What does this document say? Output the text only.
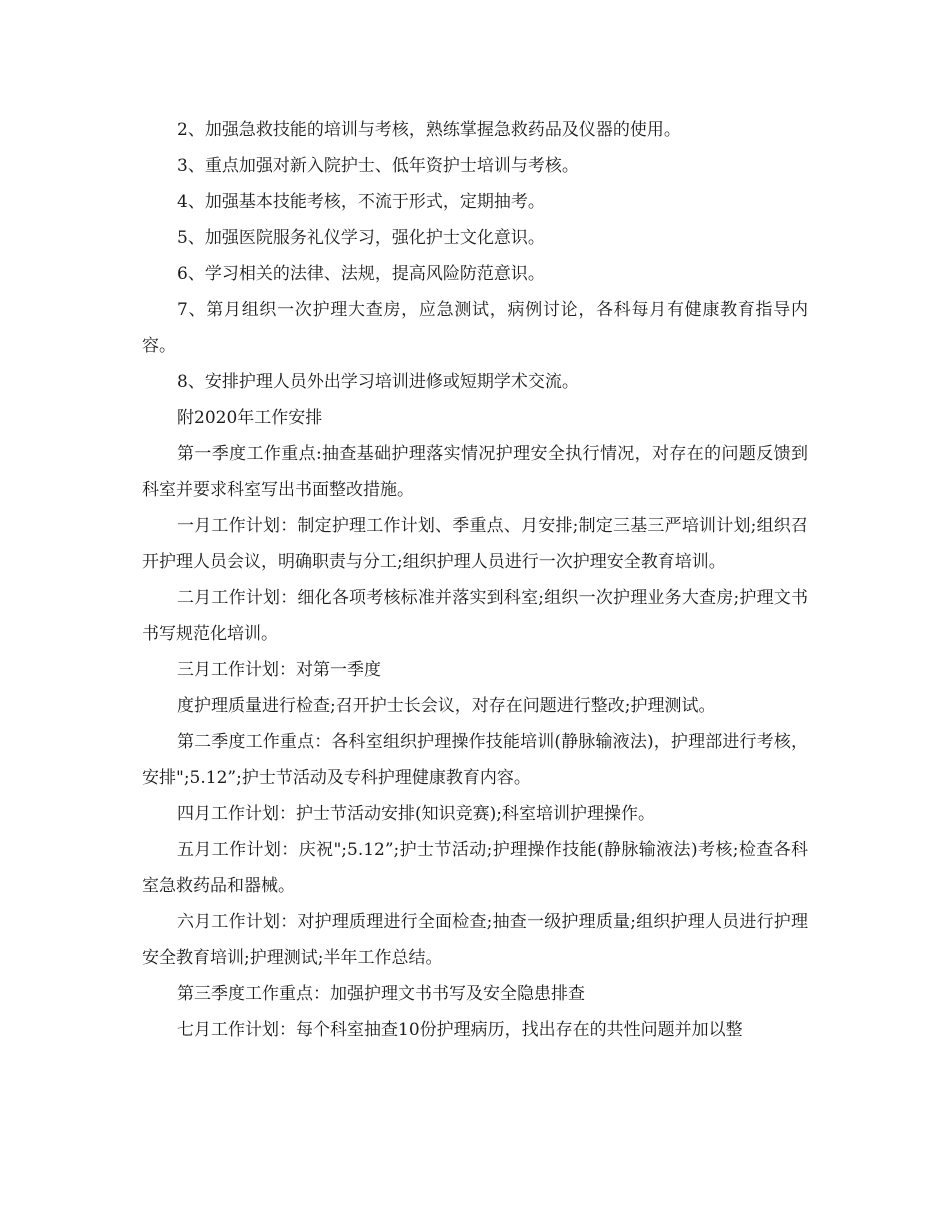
2、加强急救技能的培训与考核，熟练掌握急救药品及仪器的使用。

3、重点加强对新入院护士、低年资护士培训与考核。

4、加强基本技能考核，不流于形式，定期抽考。

5、加强医院服务礼仪学习，强化护士文化意识。

6、学习相关的法律、法规，提高风险防范意识。

7、第月组织一次护理大查房，应急测试，病例讨论，各科每月有健康教育指导内容。

8、安排护理人员外出学习培训进修或短期学术交流。

附2020年工作安排

第一季度工作重点:抽查基础护理落实情况护理安全执行情况，对存在的问题反馈到科室并要求科室写出书面整改措施。

一月工作计划：制定护理工作计划、季重点、月安排;制定三基三严培训计划;组织召开护理人员会议，明确职责与分工;组织护理人员进行一次护理安全教育培训。

二月工作计划：细化各项考核标准并落实到科室;组织一次护理业务大查房;护理文书书写规范化培训。

三月工作计划：对第一季度

度护理质量进行检查;召开护士长会议，对存在问题进行整改;护理测试。

第二季度工作重点：各科室组织护理操作技能培训(静脉输液法)，护理部进行考核，安排";5.12”;护士节活动及专科护理健康教育内容。

四月工作计划：护士节活动安排(知识竞赛);科室培训护理操作。

五月工作计划：庆祝";5.12”;护士节活动;护理操作技能(静脉输液法)考核;检查各科室急救药品和器械。

六月工作计划：对护理质理进行全面检查;抽查一级护理质量;组织护理人员进行护理安全教育培训;护理测试;半年工作总结。

第三季度工作重点：加强护理文书书写及安全隐患排查

七月工作计划：每个科室抽查10份护理病历，找出存在的共性问题并加以整
